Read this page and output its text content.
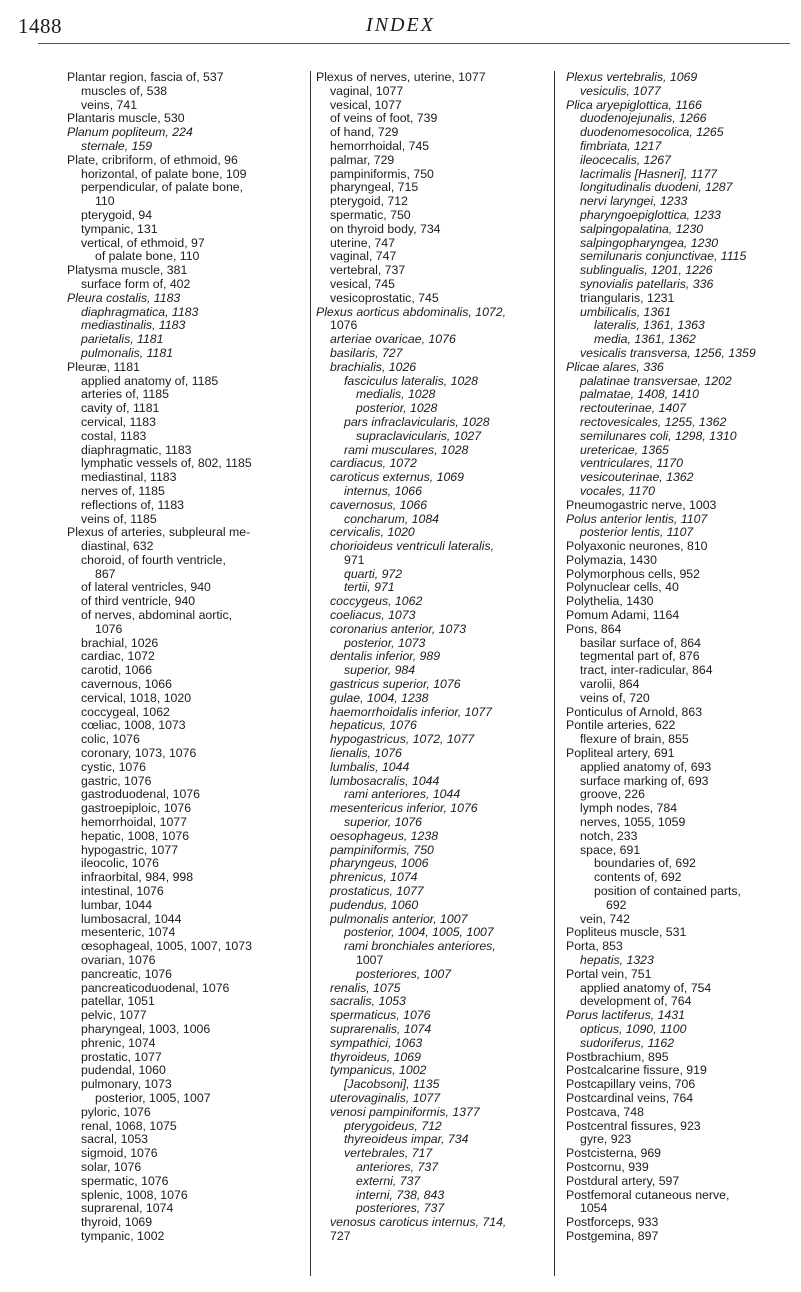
1488	INDEX
Plantar region, fascia of, 537
muscles of, 538
veins, 741
Plantaris muscle, 530
Planum popliteum, 224
sternale, 159
Plate, cribriform, of ethmoid, 96
horizontal, of palate bone, 109
perpendicular, of palate bone,
110
pterygoid, 94
tympanic, 131
vertical, of ethmoid, 97
of palate bone, 110
Platysma muscle, 381
surface form of, 402
Pleura costalis, 1183
diaphragmatica, 1183
mediastinalis, 1183
parietalis, 1181
pulmonalis, 1181
Pleuræ, 1181
applied anatomy of, 1185
arteries of, 1185
cavity of, 1181
cervical, 1183
costal, 1183
diaphragmatic, 1183
lymphatic vessels of, 802, 1185
mediastinal, 1183
nerves of, 1185
reflections of, 1183
veins of, 1185
Plexus of arteries, subpleural me-
diastinal, 632
choroid, of fourth ventricle,
867
of lateral ventricles, 940
of third ventricle, 940
of nerves, abdominal aortic,
1076
brachial, 1026
cardiac, 1072
carotid, 1066
cavernous, 1066
cervical, 1018, 1020
coccygeal, 1062
cœliac, 1008, 1073
colic, 1076
coronary, 1073, 1076
cystic, 1076
gastric, 1076
gastroduodenal, 1076
gastroepiploic, 1076
hemorrhoidal, 1077
hepatic, 1008, 1076
hypogastric, 1077
ileocolic, 1076
infraorbital, 984, 998
intestinal, 1076
lumbar, 1044
lumbosacral, 1044
mesenteric, 1074
œsophageal, 1005, 1007, 1073
ovarian, 1076
pancreatic, 1076
pancreaticoduodenal, 1076
patellar, 1051
pelvic, 1077
pharyngeal, 1003, 1006
phrenic, 1074
prostatic, 1077
pudendal, 1060
pulmonary, 1073
posterior, 1005, 1007
pyloric, 1076
renal, 1068, 1075
sacral, 1053
sigmoid, 1076
solar, 1076
spermatic, 1076
splenic, 1008, 1076
suprarenal, 1074
thyroid, 1069
tympanic, 1002
Plexus of nerves, uterine, 1077
vaginal, 1077
vesical, 1077
of veins of foot, 739
of hand, 729
hemorrhoidal, 745
palmar, 729
pampiniformis, 750
pharyngeal, 715
pterygoid, 712
spermatic, 750
on thyroid body, 734
uterine, 747
vaginal, 747
vertebral, 737
vesical, 745
vesicoprostatic, 745
Plexus aorticus abdominalis, 1072,
1076
arteriae ovaricae, 1076
basilaris, 727
brachialis, 1026
fasciculus lateralis, 1028
medialis, 1028
posterior, 1028
pars infraclavicularis, 1028
supraclavicularis, 1027
rami musculares, 1028
cardiacus, 1072
caroticus externus, 1069
internus, 1066
cavernosus, 1066
concharum, 1084
cervicalis, 1020
chorioideus ventriculi lateralis,
971
quarti, 972
tertii, 971
coccygeus, 1062
coeliacus, 1073
coronarius anterior, 1073
posterior, 1073
dentalis inferior, 989
superior, 984
gastricus superior, 1076
gulae, 1004, 1238
haemorrhoidalis inferior, 1077
hepaticus, 1076
hypogastricus, 1072, 1077
lienalis, 1076
lumbalis, 1044
lumbosacralis, 1044
rami anteriores, 1044
mesentericus inferior, 1076
superior, 1076
oesophageus, 1238
pampiniformis, 750
pharyngeus, 1006
phrenicus, 1074
prostaticus, 1077
pudendus, 1060
pulmonalis anterior, 1007
posterior, 1004, 1005, 1007
rami bronchiales anteriores,
1007
posteriores, 1007
renalis, 1075
sacralis, 1053
spermaticus, 1076
suprarenalis, 1074
sympathici, 1063
thyroideus, 1069
tympanicus, 1002
[Jacobsoni], 1135
uterovaginalis, 1077
venosi pampiniformis, 1377
pterygoideus, 712
thyreoideus impar, 734
vertebrales, 717
anteriores, 737
externi, 737
interni, 738, 843
posteriores, 737
venosus caroticus internus, 714,
727
Plexus vertebralis, 1069
vesiculis, 1077
Plica aryepiglottica, 1166
duodenojejunalis, 1266
duodenomesocolica, 1265
fimbriata, 1217
ileocecalis, 1267
lacrimalis [Hasneri], 1177
longitudinalis duodeni, 1287
nervi laryngei, 1233
pharyngoepiglottica, 1233
salpingopalatina, 1230
salpingopharyngea, 1230
semilunaris conjunctivae, 1115
sublingualis, 1201, 1226
synovialis patellaris, 336
triangularis, 1231
umbilicalis, 1361
lateralis, 1361, 1363
media, 1361, 1362
vesicalis transversa, 1256, 1359
Plicae alares, 336
palatinae transversae, 1202
palmatae, 1408, 1410
rectouterinae, 1407
rectovesicales, 1255, 1362
semilunares coli, 1298, 1310
uretericae, 1365
ventriculares, 1170
vesicouterinae, 1362
vocales, 1170
Pneumogastric nerve, 1003
Polus anterior lentis, 1107
posterior lentis, 1107
Polyaxonic neurones, 810
Polymazia, 1430
Polymorphous cells, 952
Polynuclear cells, 40
Polythelia, 1430
Pomum Adami, 1164
Pons, 864
basilar surface of, 864
tegmental part of, 876
tract, inter-radicular, 864
varolii, 864
veins of, 720
Ponticulus of Arnold, 863
Pontile arteries, 622
flexure of brain, 855
Popliteal artery, 691
applied anatomy of, 693
surface marking of, 693
groove, 226
lymph nodes, 784
nerves, 1055, 1059
notch, 233
space, 691
boundaries of, 692
contents of, 692
position of contained parts,
692
vein, 742
Popliteus muscle, 531
Porta, 853
hepatis, 1323
Portal vein, 751
applied anatomy of, 754
development of, 764
Porus lactiferus, 1431
opticus, 1090, 1100
sudoriferus, 1162
Postbrachium, 895
Postcalcarine fissure, 919
Postcapillary veins, 706
Postcardinal veins, 764
Postcava, 748
Postcentral fissures, 923
gyre, 923
Postcisterna, 969
Postcornu, 939
Postdural artery, 597
Postfemoral cutaneous nerve,
1054
Postforceps, 933
Postgemina, 897
